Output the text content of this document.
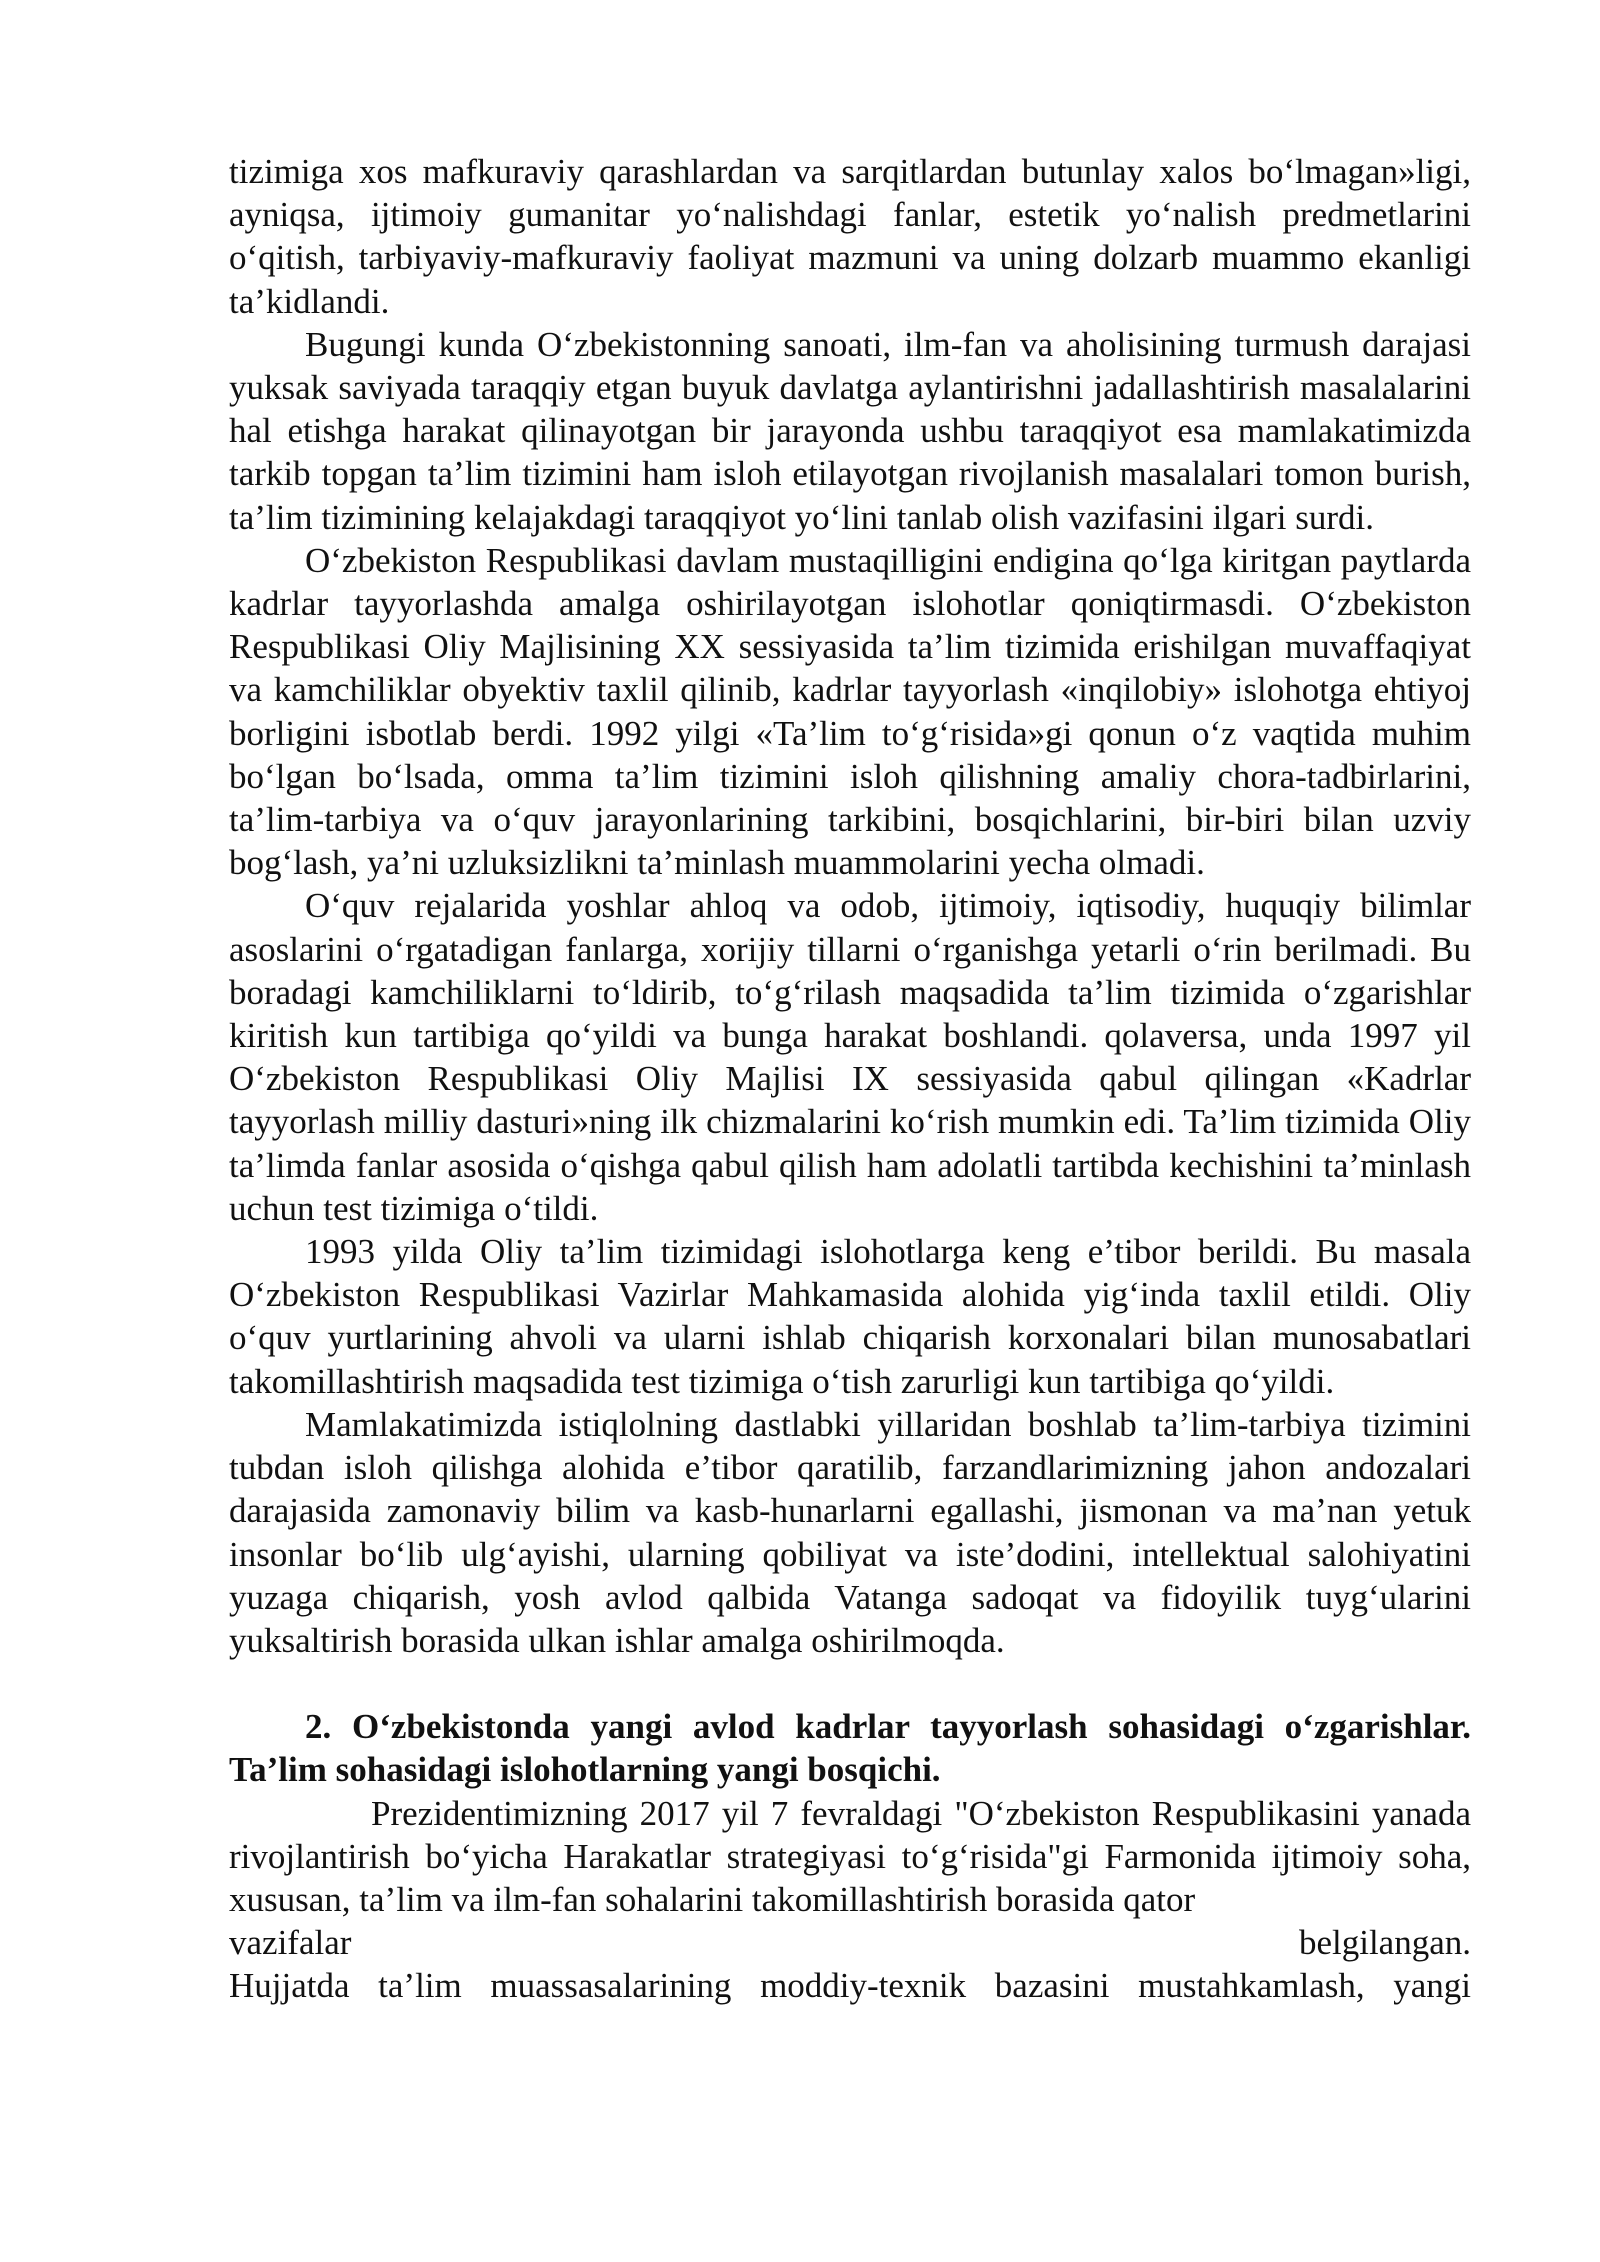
tizimiga xos mafkuraviy qarashlardan va sarqitlardan butunlay xalos bo‘lmagan»ligi, ayniqsa, ijtimoiy gumanitar yo‘nalishdagi fanlar, estetik yo‘nalish predmetlarini o‘qitish, tarbiyaviy-mafkuraviy faoliyat mazmuni va uning dolzarb muammo ekanligi ta’kidlandi.

Bugungi kunda O‘zbekistonning sanoati, ilm-fan va aholisining turmush darajasi yuksak saviyada taraqqiy etgan buyuk davlatga aylantirishni jadallashtirish masalalarini hal etishga harakat qilinayotgan bir jarayonda ushbu taraqqiyot esa mamlakatimizda tarkib topgan ta’lim tizimini ham isloh etilayotgan rivojlanish masalalari tomon burish, ta’lim tizimining kelajakdagi taraqqiyot yo‘lini tanlab olish vazifasini ilgari surdi.

O‘zbekiston Respublikasi davlam mustaqilligini endigina qo‘lga kiritgan paytlarda kadrlar tayyorlashda amalga oshirilayotgan islohotlar qoniqtirmasdi. O‘zbekiston Respublikasi Oliy Majlisining XX sessiyasida ta’lim tizimida erishilgan muvaffaqiyat va kamchiliklar obyektiv taxlil qilinib, kadrlar tayyorlash «inqilobiy» islohotga ehtiyoj borligini isbotlab berdi. 1992 yilgi «Ta’lim to‘g‘risida»gi qonun o‘z vaqtida muhim bo‘lgan bo‘lsada, omma ta’lim tizimini isloh qilishning amaliy chora-tadbirlarini, ta’lim-tarbiya va o‘quv jarayonlarining tarkibini, bosqichlarini, bir-biri bilan uzviy bog‘lash, ya’ni uzluksizlikni ta’minlash muammolarini yecha olmadi.

O‘quv rejalarida yoshlar ahloq va odob, ijtimoiy, iqtisodiy, huquqiy bilimlar asoslarini o‘rgatadigan fanlarga, xorijiy tillarni o‘rganishga yetarli o‘rin berilmadi. Bu boradagi kamchiliklarni to‘ldirib, to‘g‘rilash maqsadida ta’lim tizimida o‘zgarishlar kiritish kun tartibiga qo‘yildi va bunga harakat boshlandi. qolaversa, unda 1997 yil O‘zbekiston Respublikasi Oliy Majlisi IX sessiyasida qabul qilingan «Kadrlar tayyorlash milliy dasturi»ning ilk chizmalarini ko‘rish mumkin edi. Ta’lim tizimida Oliy ta’limda fanlar asosida o‘qishga qabul qilish ham adolatli tartibda kechishini ta’minlash uchun test tizimiga o‘tildi.

1993 yilda Oliy ta’lim tizimidagi islohotlarga keng e’tibor berildi. Bu masala O‘zbekiston Respublikasi Vazirlar Mahkamasida alohida yig‘inda taxlil etildi. Oliy o‘quv yurtlarining ahvoli va ularni ishlab chiqarish korxonalari bilan munosabatlari takomillashtirish maqsadida test tizimiga o‘tish zarurligi kun tartibiga qo‘yildi.

Mamlakatimizda istiqlolning dastlabki yillaridan boshlab ta’lim-tarbiya tizimini tubdan isloh qilishga alohida e’tibor qaratilib, farzandlarimizning jahon andozalari darajasida zamonaviy bilim va kasb-hunarlarni egallashi, jismonan va ma’nan yetuk insonlar bo‘lib ulg‘ayishi, ularning qobiliyat va iste’dodini, intellektual salohiyatini yuzaga chiqarish, yosh avlod qalbida Vatanga sadoqat va fidoyilik tuyg‘ularini yuksaltirish borasida ulkan ishlar amalga oshirilmoqda.

2. O‘zbekistonda yangi avlod kadrlar tayyorlash sohasidagi o‘zgarishlar. Ta’lim sohasidagi islohotlarning yangi bosqichi.

Prezidentimizning 2017 yil 7 fevraldagi "O‘zbekiston Respublikasini yanada rivojlantirish bo‘yicha Harakatlar strategiyasi to‘g‘risida"gi Farmonida ijtimoiy soha, xususan, ta’lim va ilm-fan sohalarini takomillashtirish borasida qator

vazifalar	belgilangan.

Hujjatda ta’lim muassasalarining moddiy-texnik bazasini mustahkamlash, yangi
